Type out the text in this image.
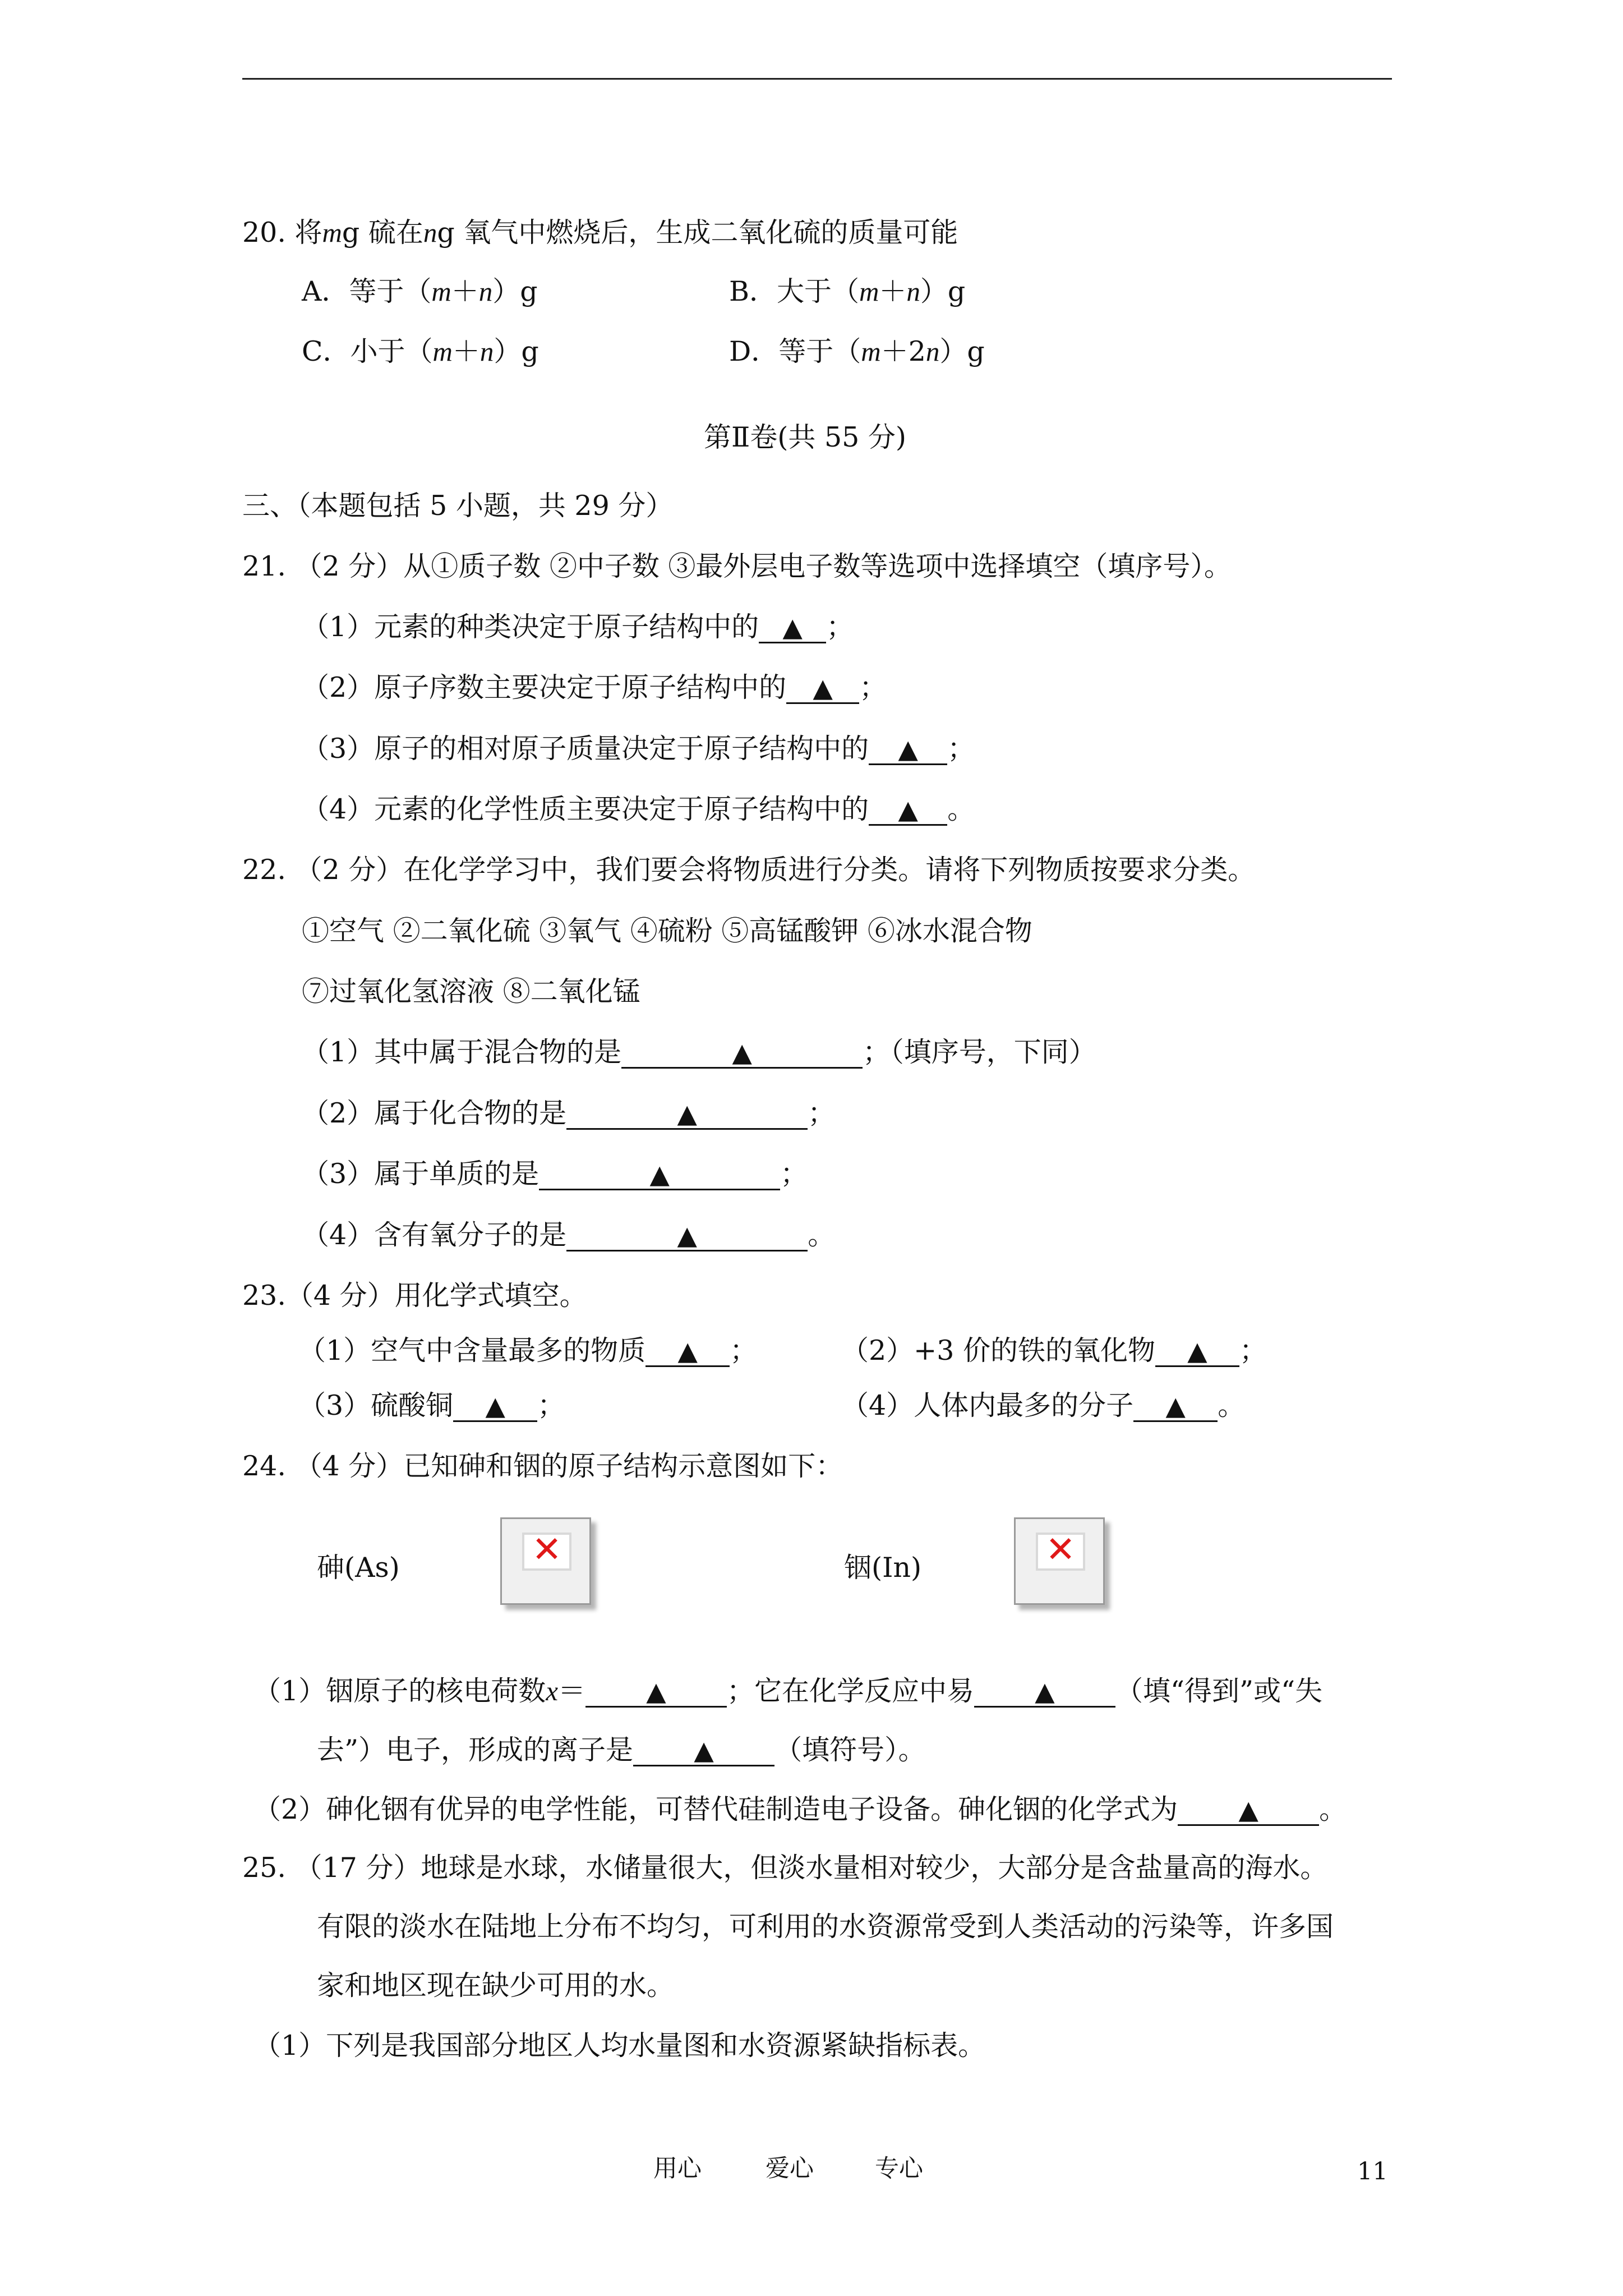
20. 将mg 硫在ng 氧气中燃烧后，生成二氧化硫的质量可能
A．等于（m＋n）g	B．大于（m＋n）g
C．小于（m＋n）g	D．等于（m＋2n）g
第Ⅱ卷(共 55 分)
三、（本题包括 5 小题，共 29 分）
21. （2 分）从①质子数 ②中子数 ③最外层电子数等选项中选择填空（填序号）。
（1）元素的种类决定于原子结构中的 ▲ ；
（2）原子序数主要决定于原子结构中的 ▲ ；
（3）原子的相对原子质量决定于原子结构中的 ▲ ；
（4）元素的化学性质主要决定于原子结构中的 ▲ 。
22. （2 分）在化学学习中，我们要会将物质进行分类。请将下列物质按要求分类。
①空气 ②二氧化硫 ③氧气 ④硫粉 ⑤高锰酸钾 ⑥冰水混合物
⑦过氧化氢溶液 ⑧二氧化锰
（1）其中属于混合物的是	▲	；（填序号，下同）
（2）属于化合物的是	▲	；
（3）属于单质的是	▲	；
（4）含有氧分子的是	▲	。
23.（4 分）用化学式填空。
（1）空气中含量最多的物质 ▲ ；	（2）+3 价的铁的氧化物 ▲ ；
（3）硫酸铜 ▲ ；	（4）人体内最多的分子 ▲ 。
24. （4 分）已知砷和铟的原子结构示意图如下：
砷(As)	✕	铟(In)	✕
（1）铟原子的核电荷数x＝ ▲ ；它在化学反应中易 ▲ （填“得到”或“失
去”）电子，形成的离子是 ▲ （填符号）。
（2）砷化铟有优异的电学性能，可替代硅制造电子设备。砷化铟的化学式为 ▲ 。
25. （17 分）地球是水球，水储量很大，但淡水量相对较少，大部分是含盐量高的海水。
有限的淡水在陆地上分布不均匀，可利用的水资源常受到人类活动的污染等，许多国
家和地区现在缺少可用的水。
（1）下列是我国部分地区人均水量图和水资源紧缺指标表。
用心	爱心	专心	11
